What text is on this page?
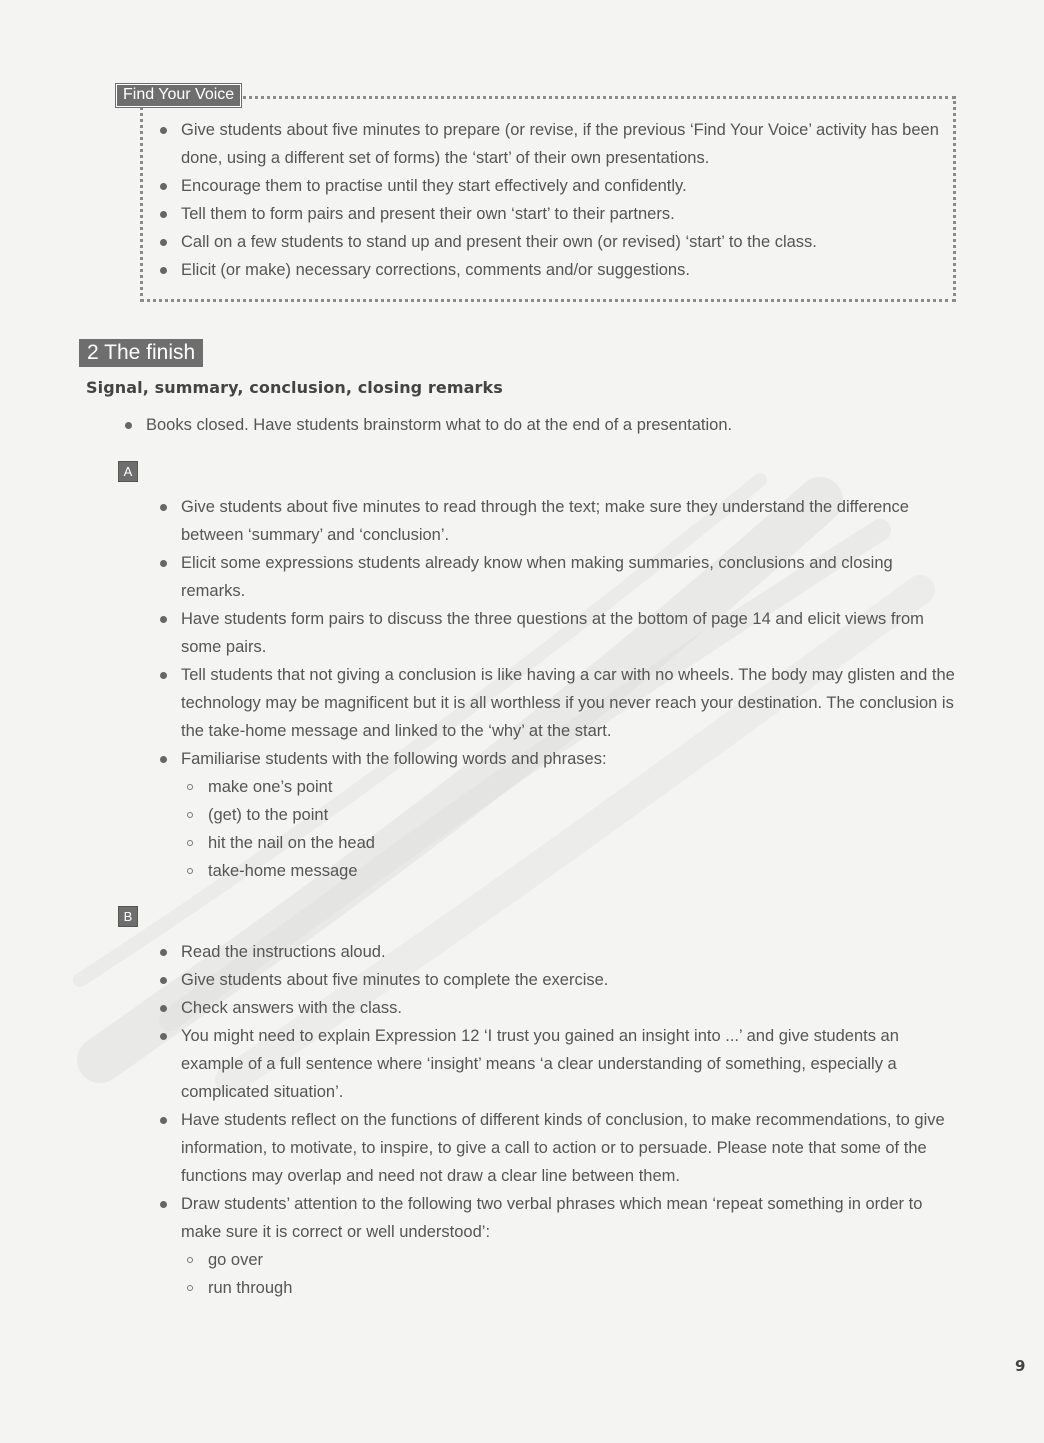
Find Your Voice
Give students about five minutes to prepare (or revise, if the previous ‘Find Your Voice’ activity has been done, using a different set of forms) the ‘start’ of their own presentations.
Encourage them to practise until they start effectively and confidently.
Tell them to form pairs and present their own ‘start’ to their partners.
Call on a few students to stand up and present their own (or revised) ‘start’ to the class.
Elicit (or make) necessary corrections, comments and/or suggestions.
2 The finish
Signal, summary, conclusion, closing remarks
Books closed. Have students brainstorm what to do at the end of a presentation.
A
Give students about five minutes to read through the text; make sure they understand the difference between ‘summary’ and ‘conclusion’.
Elicit some expressions students already know when making summaries, conclusions and closing remarks.
Have students form pairs to discuss the three questions at the bottom of page 14 and elicit views from some pairs.
Tell students that not giving a conclusion is like having a car with no wheels. The body may glisten and the technology may be magnificent but it is all worthless if you never reach your destination. The conclusion is the take-home message and linked to the ‘why’ at the start.
Familiarise students with the following words and phrases:
make one’s point
(get) to the point
hit the nail on the head
take-home message
B
Read the instructions aloud.
Give students about five minutes to complete the exercise.
Check answers with the class.
You might need to explain Expression 12 ‘I trust you gained an insight into ...’ and give students an example of a full sentence where ‘insight’ means ‘a clear understanding of something, especially a complicated situation’.
Have students reflect on the functions of different kinds of conclusion, to make recommendations, to give information, to motivate, to inspire, to give a call to action or to persuade. Please note that some of the functions may overlap and need not draw a clear line between them.
Draw students’ attention to the following two verbal phrases which mean ‘repeat something in order to make sure it is correct or well understood’:
go over
run through
9
